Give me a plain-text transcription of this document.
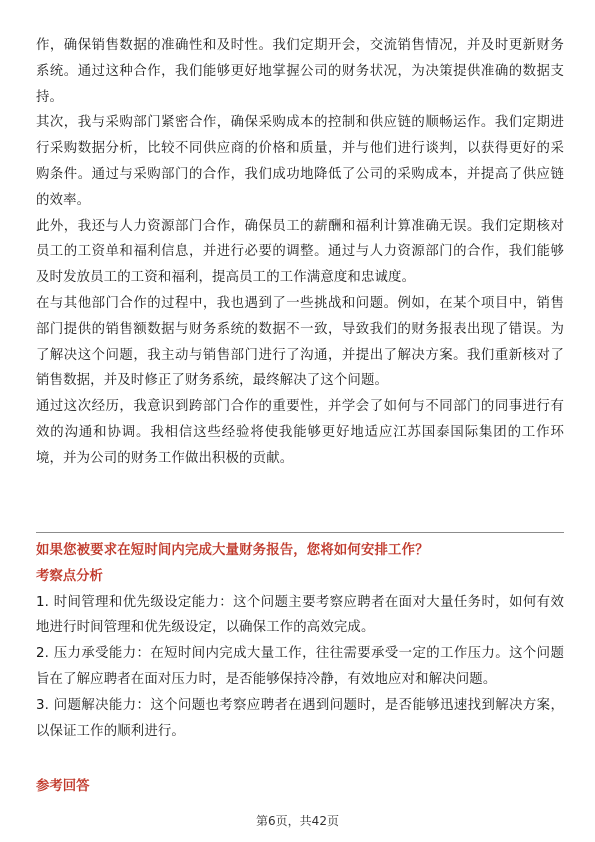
作，确保销售数据的准确性和及时性。我们定期开会，交流销售情况，并及时更新财务系统。通过这种合作，我们能够更好地掌握公司的财务状况，为决策提供准确的数据支持。

其次，我与采购部门紧密合作，确保采购成本的控制和供应链的顺畅运作。我们定期进行采购数据分析，比较不同供应商的价格和质量，并与他们进行谈判，以获得更好的采购条件。通过与采购部门的合作，我们成功地降低了公司的采购成本，并提高了供应链的效率。

此外，我还与人力资源部门合作，确保员工的薪酬和福利计算准确无误。我们定期核对员工的工资单和福利信息，并进行必要的调整。通过与人力资源部门的合作，我们能够及时发放员工的工资和福利，提高员工的工作满意度和忠诚度。

在与其他部门合作的过程中，我也遇到了一些挑战和问题。例如，在某个项目中，销售部门提供的销售额数据与财务系统的数据不一致，导致我们的财务报表出现了错误。为了解决这个问题，我主动与销售部门进行了沟通，并提出了解决方案。我们重新核对了销售数据，并及时修正了财务系统，最终解决了这个问题。

通过这次经历，我意识到跨部门合作的重要性，并学会了如何与不同部门的同事进行有效的沟通和协调。我相信这些经验将使我能够更好地适应江苏国泰国际集团的工作环境，并为公司的财务工作做出积极的贡献。

如果您被要求在短时间内完成大量财务报告，您将如何安排工作？

考察点分析

1. 时间管理和优先级设定能力：这个问题主要考察应聘者在面对大量任务时，如何有效地进行时间管理和优先级设定，以确保工作的高效完成。

2. 压力承受能力：在短时间内完成大量工作，往往需要承受一定的工作压力。这个问题旨在了解应聘者在面对压力时，是否能够保持冷静，有效地应对和解决问题。

3. 问题解决能力：这个问题也考察应聘者在遇到问题时，是否能够迅速找到解决方案，以保证工作的顺利进行。

参考回答

第6页，共42页
